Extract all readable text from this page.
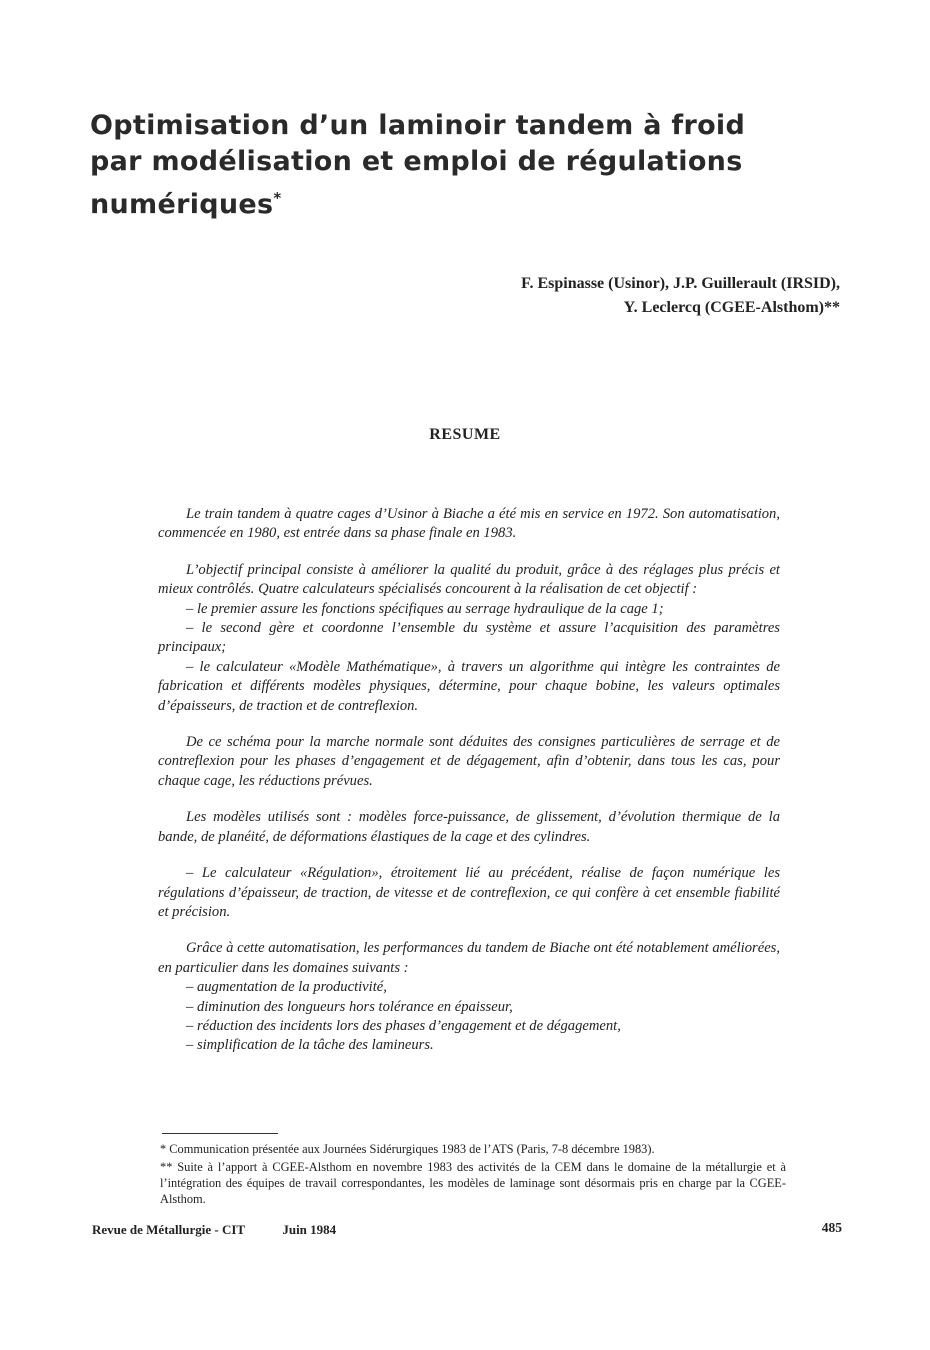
Optimisation d’un laminoir tandem à froid
par modélisation et emploi de régulations
numériques*
F. Espinasse (Usinor), J.P. Guillerault (IRSID),
Y. Leclercq (CGEE-Alsthom)**
RESUME

Le train tandem à quatre cages d’Usinor à Biache a été mis en service en 1972. Son automatisation, commencée en 1980, est entrée dans sa phase finale en 1983.

L’objectif principal consiste à améliorer la qualité du produit, grâce à des réglages plus précis et mieux contrôlés. Quatre calculateurs spécialisés concourent à la réalisation de cet objectif :
– le premier assure les fonctions spécifiques au serrage hydraulique de la cage 1;
– le second gère et coordonne l’ensemble du système et assure l’acquisition des paramètres principaux;
– le calculateur «Modèle Mathématique», à travers un algorithme qui intègre les contraintes de fabrication et différents modèles physiques, détermine, pour chaque bobine, les valeurs optimales d’épaisseurs, de traction et de contreflexion.

De ce schéma pour la marche normale sont déduites des consignes particulières de serrage et de contreflexion pour les phases d’engagement et de dégagement, afin d’obtenir, dans tous les cas, pour chaque cage, les réductions prévues.

Les modèles utilisés sont : modèles force-puissance, de glissement, d’évolution thermique de la bande, de planéité, de déformations élastiques de la cage et des cylindres.

– Le calculateur «Régulation», étroitement lié au précédent, réalise de façon numérique les régulations d’épaisseur, de traction, de vitesse et de contreflexion, ce qui confère à cet ensemble fiabilité et précision.

Grâce à cette automatisation, les performances du tandem de Biache ont été notablement améliorées, en particulier dans les domaines suivants :
– augmentation de la productivité,
– diminution des longueurs hors tolérance en épaisseur,
– réduction des incidents lors des phases d’engagement et de dégagement,
– simplification de la tâche des lamineurs.

* Communication présentée aux Journées Sidérurgiques 1983 de l’ATS (Paris, 7-8 décembre 1983).

** Suite à l’apport à CGEE-Alsthom en novembre 1983 des activités de la CEM dans le domaine de la métallurgie et à l’intégration des équipes de travail correspondantes, les modèles de laminage sont désormais pris en charge par la CGEE-Alsthom.

Revue de Métallurgie - CIT	Juin 1984	485
